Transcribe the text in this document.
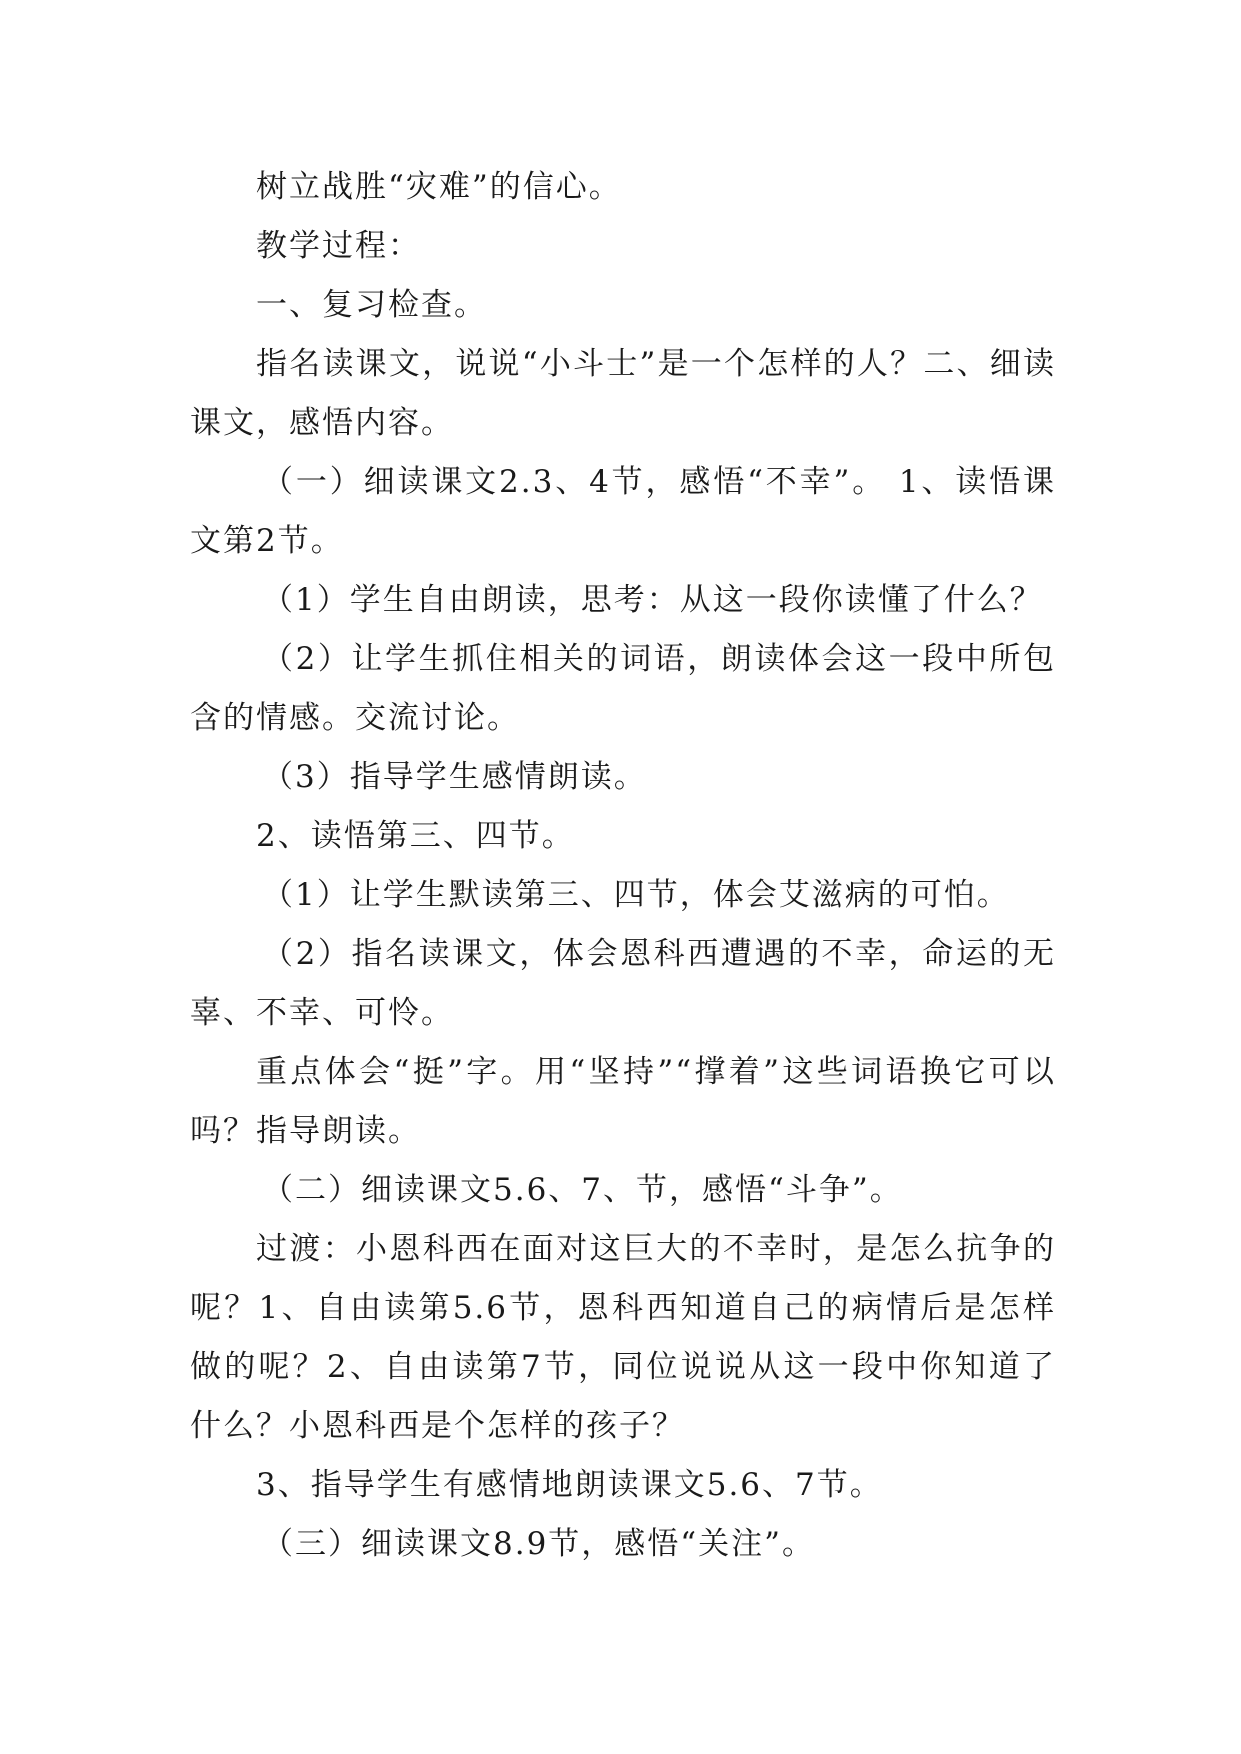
树立战胜“灾难”的信心。

教学过程：

一、复习检查。

指名读课文，说说“小斗士”是一个怎样的人？二、细读课文，感悟内容。

（一）细读课文2.3、4节，感悟“不幸”。 1、读悟课文第2节。

（1）学生自由朗读，思考：从这一段你读懂了什么？

（2）让学生抓住相关的词语，朗读体会这一段中所包含的情感。交流讨论。

（3）指导学生感情朗读。

2、读悟第三、四节。

（1）让学生默读第三、四节，体会艾滋病的可怕。

（2）指名读课文，体会恩科西遭遇的不幸，命运的无辜、不幸、可怜。

重点体会“挺”字。用“坚持”“撑着”这些词语换它可以吗？指导朗读。

（二）细读课文5.6、7、节，感悟“斗争”。

过渡：小恩科西在面对这巨大的不幸时，是怎么抗争的呢？1、自由读第5.6节，恩科西知道自己的病情后是怎样做的呢？2、自由读第7节，同位说说从这一段中你知道了什么？小恩科西是个怎样的孩子？

3、指导学生有感情地朗读课文5.6、7节。

（三）细读课文8.9节，感悟“关注”。
